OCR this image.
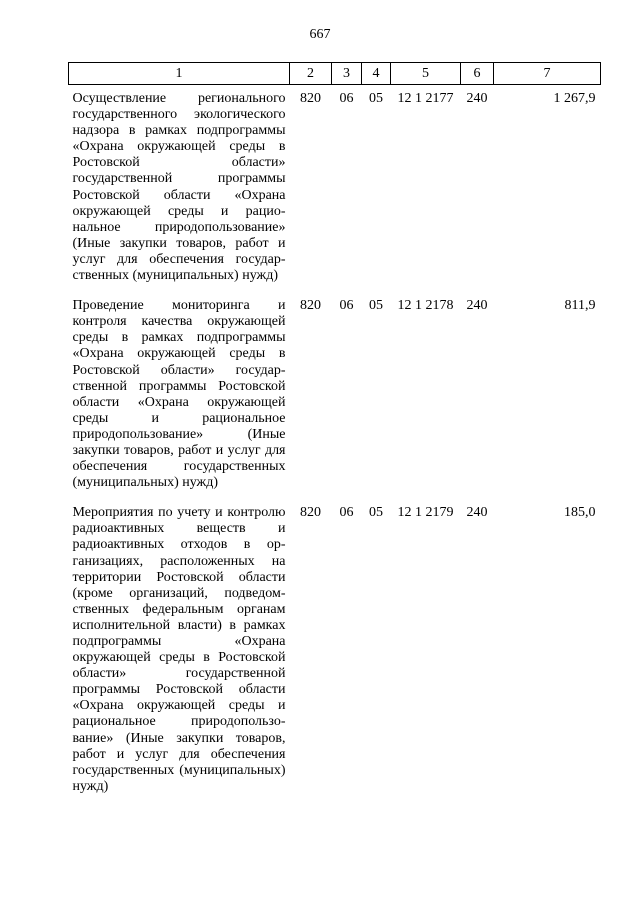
667
1	2	3	4	5	6	7
Осуществление регионального государственного экологического надзора в рамках подпрограммы «Охрана окружающей среды в Ростовской области» государственной программы Ростовской области «Охрана окружающей среды и рациональное природопользование» (Иные закупки товаров, работ и услуг для обеспечения государственных (муниципальных) нужд)	820	06	05	12 1 2177	240	1 267,9
Проведение мониторинга и контроля качества окружающей среды в рамках подпрограммы «Охрана окружающей среды в Ростовской области» государственной программы Ростовской области «Охрана окружающей среды и рациональное природопользование» (Иные закупки товаров, работ и услуг для обеспечения государственных (муниципальных) нужд)	820	06	05	12 1 2178	240	811,9
Мероприятия по учету и контролю радиоактивных веществ и радиоактивных отходов в организациях, расположенных на территории Ростовской области (кроме организаций, подведомственных федеральным органам исполнительной власти) в рамках подпрограммы «Охрана окружающей среды в Ростовской области» государственной программы Ростовской области «Охрана окружающей среды и рациональное природопользование» (Иные закупки товаров, работ и услуг для обеспечения государственных (муниципальных) нужд)	820	06	05	12 1 2179	240	185,0
